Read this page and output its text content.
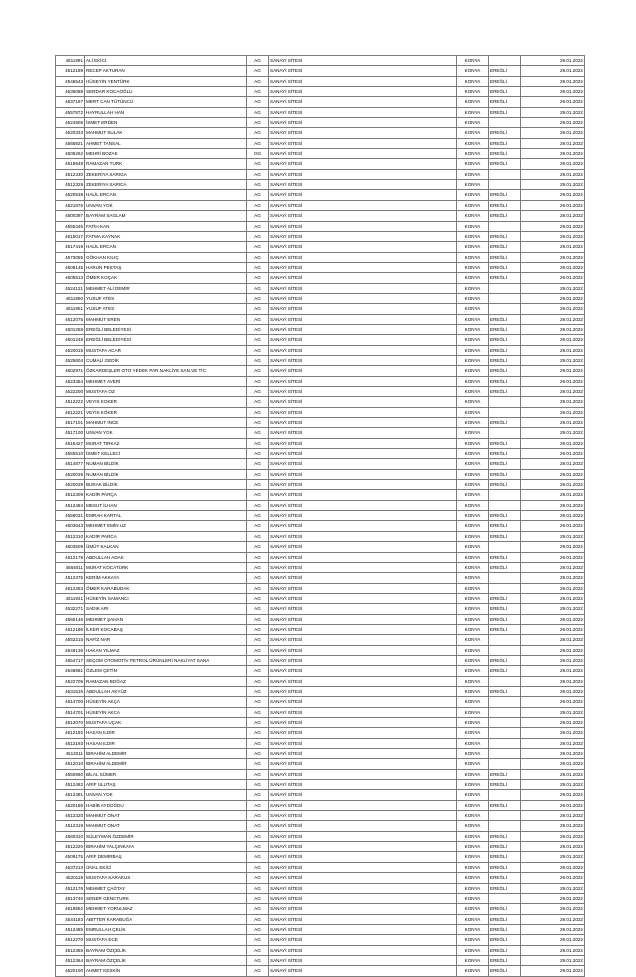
4511991	ALİ EKİCİ	AG	SANAYİ SİTESİ	KONYA		29.01.2022
4512189	RECEP AKTURAN	AG	SANAYİ SİTESİ	KONYA	EREĞLİ	29.01.2022
4546543	HÜSEYİN YENTÜRK	AG	SANAYİ SİTESİ	KONYA	EREĞLİ	29.01.2022
4536089	SERDAR KOCAOĞLU	AG	SANAYİ SİTESİ	KONYA	EREĞLİ	29.01.2022
4537197	MERT CAN TÜTÜNCÜ	AG	SANAYİ SİTESİ	KONYA	EREĞLİ	29.01.2022
4557872	HAYRULLAH HAN	AG	SANAYİ SİTESİ	KONYA	EREĞLİ	29.01.2022
4524905	İSMET ERDEN	AG	SANAYİ SİTESİ	KONYA		29.01.2022
4520333	MAHMUT SULAK	AG	SANAYİ SİTESİ	KONYA	EREĞLİ	29.01.2022
4565921	AHMET TANSAL	AG	SANAYİ SİTESİ	KONYA	EREĞLİ	29.01.2022
4605262	MEHRİ BOZAK	OG	SANAYİ SİTESİ	KONYA	EREĞLİ	29.01.2022
4519948	RAMAZAN TURK	AG	SANAYİ SİTESİ	KONYA	EREĞLİ	29.01.2022
4512330	ZEKERİYA SARIGA	AG	SANAYİ SİTESİ	KONYA		29.01.2022
4512329	ZEKERİYA SARICA	AG	SANAYİ SİTESİ	KONYA		29.01.2022
4520538	HALİL ERCAN	AG	SANAYİ SİTESİ	KONYA	EREĞLİ	29.01.2022
4521876	UNVAN YOK	AG	SANAYİ SİTESİ	KONYA	EREĞLİ	29.01.2022
4500397	BAYRAM SAGLAM	AG	SANAYİ SİTESİ	KONYA	EREĞLİ	29.01.2022
4555346	FATİH KAN	AG	SANAYİ SİTESİ	KONYA		29.01.2022
4515017	FATMA KAYNAK	AG	SANAYİ SİTESİ	KONYA	EREĞLİ	29.01.2022
4517419	HALİL ERCAN	AG	SANAYİ SİTESİ	KONYA	EREĞLİ	29.01.2022
4573055	GÖKHAN KILIÇ	AG	SANAYİ SİTESİ	KONYA	EREĞLİ	29.01.2022
4508145	HARUN PEKTAŞ	AG	SANAYİ SİTESİ	KONYA	EREĞLİ	29.01.2022
4605513	ÖMER KOÇAK	AG	SANAYİ SİTESİ	KONYA	EREĞLİ	29.01.2022
4524121	MEHMET ALİ DEMİR	AG	SANAYİ SİTESİ	KONYA		29.01.2022
4511950	YUSUF ATES	AG	SANAYİ SİTESİ	KONYA		29.01.2022
4511951	YUSUF ATES	AG	SANAYİ SİTESİ	KONYA		29.01.2022
4512075	MAHMUT EREN	AG	SANAYİ SİTESİ	KONYA	EREĞLİ	29.01.2022
4601258	EREĞLİ BELEDİYESİ	AG	SANAYİ SİTESİ	KONYA	EREĞLİ	29.01.2022
4601248	EREĞLİ BELEDİYESİ	AG	SANAYİ SİTESİ	KONYA	EREĞLİ	29.01.2022
4520015	MUSTAFA ACAR	AG	SANAYİ SİTESİ	KONYA	EREĞLİ	29.01.2022
4525604	CUMALİ GEDİK	AG	SANAYİ SİTESİ	KONYA	EREĞLİ	29.01.2022
4602971	ÖZKARDEŞLER OTO YEDEK PAR.NAKLİYE SAN.VE TİC	AG	SANAYİ SİTESİ	KONYA	EREĞLİ	29.01.2022
4523354	MEHMET AVERİ	AG	SANAYİ SİTESİ	KONYA	EREĞLİ	29.01.2022
4522200	MUSTAFA OZ	AG	SANAYİ SİTESİ	KONYA	EREĞLİ	29.01.2022
4512222	VEYIS KOKER	AG	SANAYİ SİTESİ	KONYA		29.01.2022
4512221	VEYİS KÖKER	AG	SANAYİ SİTESİ	KONYA		29.01.2022
4517101	MAHMUT İNCE	AG	SANAYİ SİTESİ	KONYA	EREĞLİ	29.01.2022
4517100	UNVAN YOK	AG	SANAYİ SİTESİ	KONYA		29.01.2022
4516427	MURAT TIRKAZ	AG	SANAYİ SİTESİ	KONYA	EREĞLİ	29.01.2022
4555510	İSMET KELLECİ	AG	SANAYİ SİTESİ	KONYA	EREĞLİ	29.01.2022
4514877	NUMAN BİLDİK	AG	SANAYİ SİTESİ	KONYA	EREĞLİ	29.01.2022
4520035	NUMAN BİLDİK	AG	SANAYİ SİTESİ	KONYA	EREĞLİ	29.01.2022
4520039	BURAK BİLDİK	AG	SANAYİ SİTESİ	KONYA	EREĞLİ	29.01.2022
4512309	KADİR PARÇA	AG	SANAYİ SİTESİ	KONYA		29.01.2022
4512484	MESUT İLHAN	AG	SANAYİ SİTESİ	KONYA		29.01.2022
4558031	EMRAH KARTAL	AG	SANAYİ SİTESİ	KONYA	EREĞLİ	29.01.2022
4603643	MEHMET EMİN UZ	AG	SANAYİ SİTESİ	KONYA	EREĞLİ	29.01.2022
4512310	KADİR PARCA	AG	SANAYİ SİTESİ	KONYA	EREĞLİ	29.01.2022
4603509	ÜMÜT KALKAN	AG	SANAYİ SİTESİ	KONYA		29.01.2022
4512178	ABDULLAH ADAK	AG	SANAYİ SİTESİ	KONYA	EREĞLİ	29.01.2022
4564011	MURAT KOCATÜRK	AG	SANAYİ SİTESİ	KONYA	EREĞLİ	29.01.2022
4512375	KERİM AKKAYA	AG	SANAYİ SİTESİ	KONYA		29.01.2022
4512353	ÖMER KARABUDAK	AG	SANAYİ SİTESİ	KONYA		29.01.2022
4511941	HÜSEYİN SAMANCI	AG	SANAYİ SİTESİ	KONYA	EREĞLİ	29.01.2022
4532271	SADIK ARI	AG	SANAYİ SİTESİ	KONYA	EREĞLİ	29.01.2022
4560145	MEHMET ŞAHAN	AG	SANAYİ SİTESİ	KONYA	EREĞLİ	29.01.2022
4512196	İLKER KOCABAŞ	AG	SANAYİ SİTESİ	KONYA	EREĞLİ	29.01.2022
4552215	NAFİZ NAR	AG	SANAYİ SİTESİ	KONYA		29.01.2022
4549136	HAKAN YILMAZ	AG	SANAYİ SİTESİ	KONYA		29.01.2022
4554717	SEÇOM OTOMOTİV PETROL ÜRÜNLERİ NAKLİYAT SANA	AG	SANAYİ SİTESİ	KONYA	EREĞLİ	29.01.2022
4546681	ÖZLEM ÇETİN	AG	SANAYİ SİTESİ	KONYA	EREĞLİ	29.01.2022
4522705	RAMAZAN BOĞAZ	AG	SANAYİ SİTESİ	KONYA		29.01.2022
4531616	ABDULLAH AKYÜZ	AG	SANAYİ SİTESİ	KONYA	EREĞLİ	29.01.2022
4514700	HÜSEYİN AKÇA	AG	SANAYİ SİTESİ	KONYA		29.01.2022
4514701	HÜSEYİN AKCA	AG	SANAYİ SİTESİ	KONYA		29.01.2022
4512070	MUSTAFA UÇAK	AG	SANAYİ SİTESİ	KONYA		29.01.2022
4512192	HASAN ILDIR	AG	SANAYİ SİTESİ	KONYA		29.01.2022
4512193	HASAN ILDIR	AG	SANAYİ SİTESİ	KONYA		29.01.2022
4512011	İBRAHİM ALDEMİR	AG	SANAYİ SİTESİ	KONYA		29.01.2022
4512010	İBRAHİM ALDEMİR	AG	SANAYİ SİTESİ	KONYA		29.01.2022
4550960	BİLAL SÜMER	AG	SANAYİ SİTESİ	KONYA	EREĞLİ	29.01.2022
4512482	ARİF ULUTAŞ	AG	SANAYİ SİTESİ	KONYA	EREĞLİ	29.01.2022
4512481	UNVAN YOK	AG	SANAYİ SİTESİ	KONYA		29.01.2022
4520186	HABİB AYDOĞDU	AG	SANAYİ SİTESİ	KONYA	EREĞLİ	29.01.2022
4512320	MAHMUT ONAT	AG	SANAYİ SİTESİ	KONYA		29.01.2022
4512319	MAHMUT ONAT	AG	SANAYİ SİTESİ	KONYA		29.01.2022
4560310	SÜLEYMAN ÖZDEMİR	AG	SANAYİ SİTESİ	KONYA	EREĞLİ	29.01.2022
4512220	İBRAHİM YALÇINKAYA	AG	SANAYİ SİTESİ	KONYA	EREĞLİ	29.01.2022
4509175	ARİF DEMİRBAŞ	AG	SANAYİ SİTESİ	KONYA	EREĞLİ	29.01.2022
4537213	ÜNAL EKİCİ	AG	SANAYİ SİTESİ	KONYA	EREĞLİ	29.01.2022
4520119	MUSTAFA KARAKUS	AG	SANAYİ SİTESİ	KONYA	EREĞLİ	29.01.2022
4512176	MEHMET ÇAĞTAY	AG	SANAYİ SİTESİ	KONYA	EREĞLİ	29.01.2022
4513740	SENER GENCTURK	AG	SANAYİ SİTESİ	KONYA		29.01.2022
4519552	MEHMET YORULMAZ	AG	SANAYİ SİTESİ	KONYA	EREĞLİ	29.01.2022
4544183	ABITTER KARABUĞA	AG	SANAYİ SİTESİ	KONYA	EREĞLİ	29.01.2022
4512485	EMRULLAH ÇELİK	AG	SANAYİ SİTESİ	KONYA	EREĞLİ	29.01.2022
4512270	MUSTAFA ECE	AG	SANAYİ SİTESİ	KONYA	EREĞLİ	29.01.2022
4512365	BAYRAM ÖZÇELİK	AG	SANAYİ SİTESİ	KONYA	EREĞLİ	29.01.2022
4512364	BAYRAM ÖZÇELİK	AG	SANAYİ SİTESİ	KONYA	EREĞLİ	29.01.2022
4520100	AHMET KESKİN	AG	SANAYİ SİTESİ	KONYA	EREĞLİ	29.01.2022
